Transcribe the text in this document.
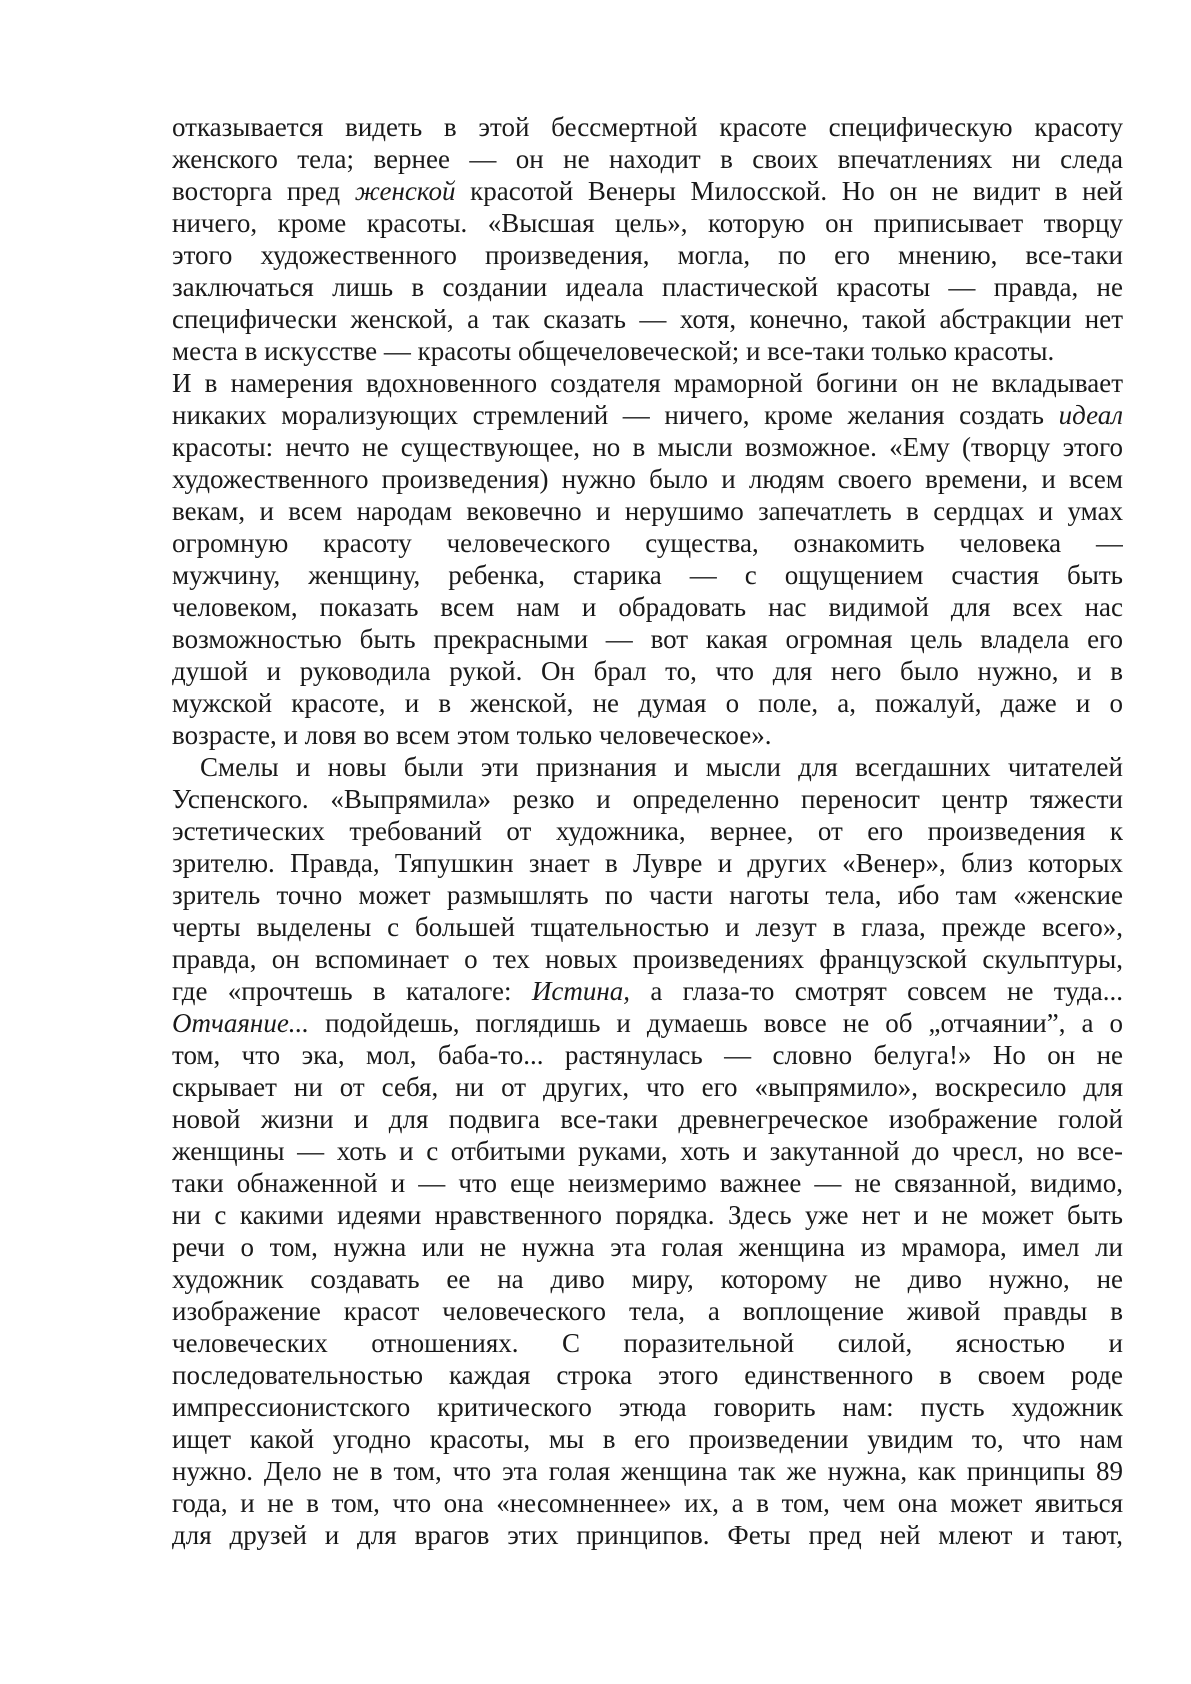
отказывается видеть в этой бессмертной красоте специфическую красоту
женского тела; вернее — он не находит в своих впечатлениях ни следа
восторга пред женской красотой Венеры Милосской. Но он не видит в ней
ничего, кроме красоты. «Высшая цель», которую он приписывает творцу
этого художественного произведения, могла, по его мнению, все-таки
заключаться лишь в создании идеала пластической красоты — правда, не
специфически женской, а так сказать — хотя, конечно, такой абстракции нет
места в искусстве — красоты общечеловеческой; и все-таки только красоты.
И в намерения вдохновенного создателя мраморной богини он не вкладывает
никаких морализующих стремлений — ничего, кроме желания создать идеал
красоты: нечто не существующее, но в мысли возможное. «Ему (творцу этого
художественного произведения) нужно было и людям своего времени, и всем
векам, и всем народам вековечно и нерушимо запечатлеть в сердцах и умах
огромную красоту человеческого существа, ознакомить человека —
мужчину, женщину, ребенка, старика — с ощущением счастия быть
человеком, показать всем нам и обрадовать нас видимой для всех нас
возможностью быть прекрасными — вот какая огромная цель владела его
душой и руководила рукой. Он брал то, что для него было нужно, и в
мужской красоте, и в женской, не думая о поле, а, пожалуй, даже и о
возрасте, и ловя во всем этом только человеческое».
Смелы и новы были эти признания и мысли для всегдашних читателей
Успенского. «Выпрямила» резко и определенно переносит центр тяжести
эстетических требований от художника, вернее, от его произведения к
зрителю. Правда, Тяпушкин знает в Лувре и других «Венер», близ которых
зритель точно может размышлять по части наготы тела, ибо там «женские
черты выделены с большей тщательностью и лезут в глаза, прежде всего»,
правда, он вспоминает о тех новых произведениях французской скульптуры,
где «прочтешь в каталоге: Истина, а глаза-то смотрят совсем не туда...
Отчаяние... подойдешь, поглядишь и думаешь вовсе не об „отчаянии”, а о
том, что эка, мол, баба-то... растянулась — словно белуга!» Но он не
скрывает ни от себя, ни от других, что его «выпрямило», воскресило для
новой жизни и для подвига все-таки древнегреческое изображение голой
женщины — хоть и с отбитыми руками, хоть и закутанной до чресл, но все-
таки обнаженной и — что еще неизмеримо важнее — не связанной, видимо,
ни с какими идеями нравственного порядка. Здесь уже нет и не может быть
речи о том, нужна или не нужна эта голая женщина из мрамора, имел ли
художник создавать ее на диво миру, которому не диво нужно, не
изображение красот человеческого тела, а воплощение живой правды в
человеческих отношениях. С поразительной силой, ясностью и
последовательностью каждая строка этого единственного в своем роде
импрессионистского критического этюда говорить нам: пусть художник
ищет какой угодно красоты, мы в его произведении увидим то, что нам
нужно. Дело не в том, что эта голая женщина так же нужна, как принципы 89
года, и не в том, что она «несомненнее» их, а в том, чем она может явиться
для друзей и для врагов этих принципов. Феты пред ней млеют и тают,
